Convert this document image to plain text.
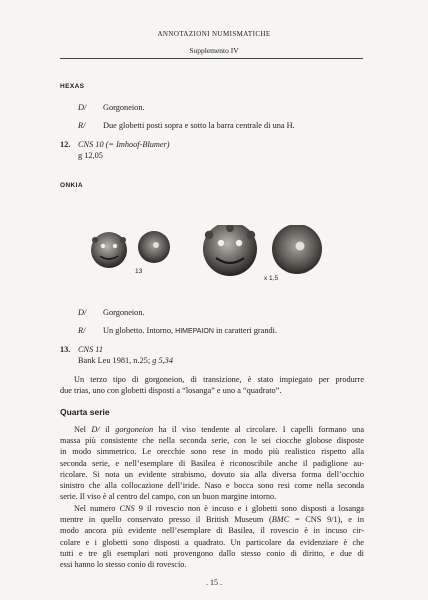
ANNOTAZIONI NUMISMATICHE
Supplemento IV
HEXAS
D/ Gorgoneion.
R/ Due globetti posti sopra e sotto la barra centrale di una H.
12. CNS 10 (= Imhoof-Blumer)
g 12,05
ONKIA
13
x 1,5
D/ Gorgoneion.
R/ Un globetto. Intorno, HIMEPAION in caratteri grandi.
13. CNS 11
Bank Leu 1981, n.25; g 5,34
Un terzo tipo di gorgoneion, di transizione, è stato impiegato per produrre
due trias, uno con globetti disposti a “losanga” e uno a “quadrato”.
Quarta serie
Nel D/ il gorgoneion ha il viso tendente al circolare. I capelli formano una
massa più consistente che nella seconda serie, con le sei ciocche globose disposte
in modo simmetrico. Le orecchie sono rese in modo più realistico rispetto alla
seconda serie, e nell’esemplare di Basilea è riconoscibile anche il padiglione au-
ricolare. Si nota un evidente strabismo, dovuto sia alla diversa forma dell’occhio
sinistro che alla collocazione dell’iride. Naso e bocca sono resi come nella seconda
serie. Il viso è al centro del campo, con un buon margine intorno.
Nel numero CNS 9 il rovescio non è incuso e i globetti sono disposti a losanga
mentre in quello conservato presso il British Museum (BMC = CNS 9/1), e in
modo ancora più evidente nell’esemplare di Basilea, il rovescio è in incuso cir-
colare e i globetti sono disposti a quadrato. Un particolare da evidenziare è che
tutti e tre gli esemplari noti provengono dallo stesso conio di diritto, e due di
essi hanno lo stesso conio di rovescio.
. 15 .
